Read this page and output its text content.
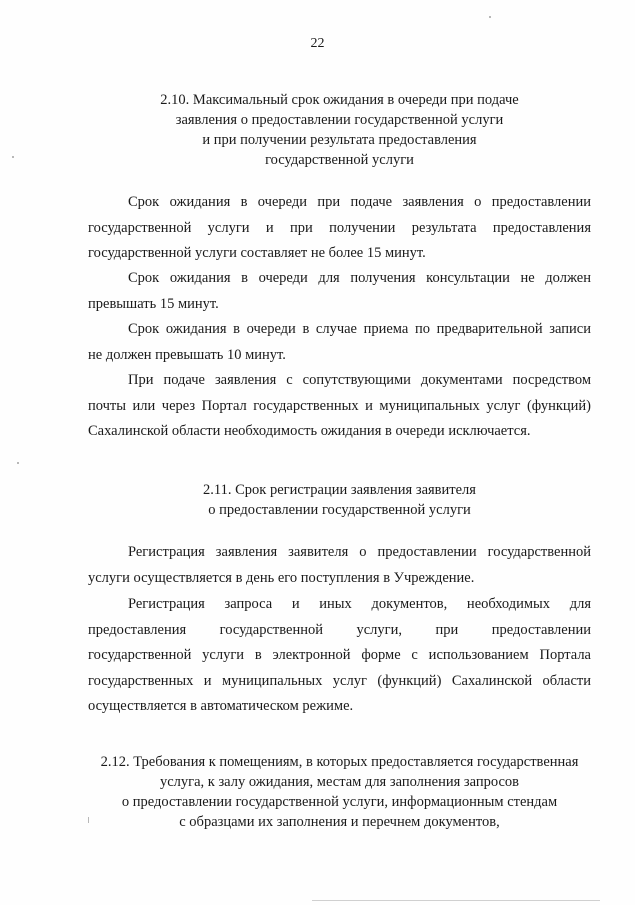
22
2.10. Максимальный срок ожидания в очереди при подаче
заявления о предоставлении государственной услуги
и при получении результата предоставления
государственной услуги
Срок ожидания в очереди при подаче заявления о предоставлении
государственной услуги и при получении результата предоставления
государственной услуги составляет не более 15 минут.
Срок ожидания в очереди для получения консультации не должен
превышать 15 минут.
Срок ожидания в очереди в случае приема по предварительной записи
не должен превышать 10 минут.
При подаче заявления с сопутствующими документами посредством
почты или через Портал государственных и муниципальных услуг (функций)
Сахалинской области необходимость ожидания в очереди исключается.
2.11. Срок регистрации заявления заявителя
о предоставлении государственной услуги
Регистрация заявления заявителя о предоставлении государственной
услуги осуществляется в день его поступления в Учреждение.
Регистрация запроса и иных документов, необходимых для
предоставления государственной услуги, при предоставлении
государственной услуги в электронной форме с использованием Портала
государственных и муниципальных услуг (функций) Сахалинской области
осуществляется в автоматическом режиме.
2.12. Требования к помещениям, в которых предоставляется государственная
услуга, к залу ожидания, местам для заполнения запросов
о предоставлении государственной услуги, информационным стендам
с образцами их заполнения и перечнем документов,
